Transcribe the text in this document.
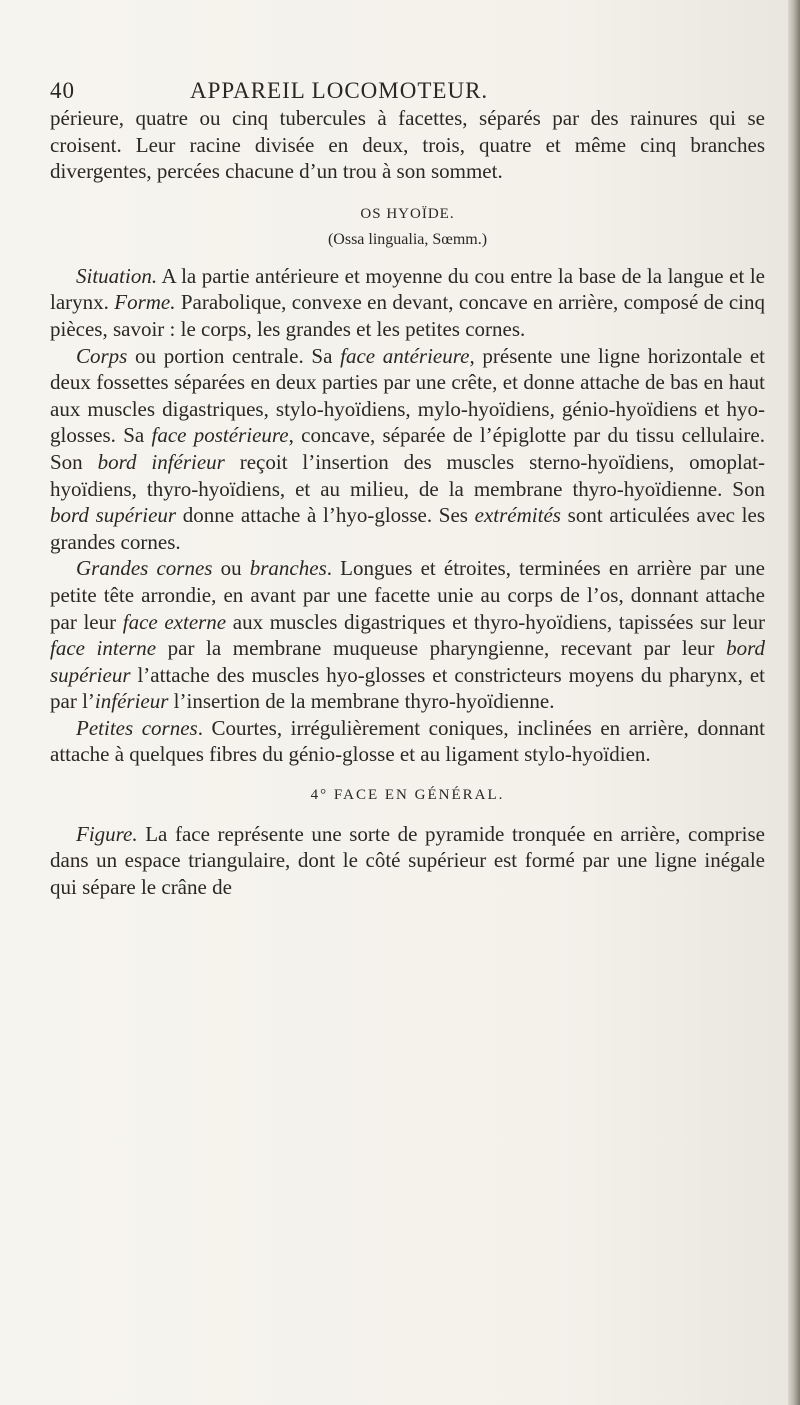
40	APPAREIL LOCOMOTEUR.

périeure, quatre ou cinq tubercules à facettes, séparés par des rainures qui se croisent. Leur racine divisée en deux, trois, quatre et même cinq branches divergentes, percées chacune d’un trou à son sommet.

OS HYOÏDE.
(Ossa lingualia, Sœmm.)

Situation. A la partie antérieure et moyenne du cou entre la base de la langue et le larynx. Forme. Parabolique, convexe en devant, concave en arrière, composé de cinq pièces, savoir : le corps, les grandes et les petites cornes.

Corps ou portion centrale. Sa face antérieure, présente une ligne horizontale et deux fossettes séparées en deux parties par une crête, et donne attache de bas en haut aux muscles digastriques, stylo-hyoïdiens, mylo-hyoïdiens, génio-hyoïdiens et hyo-glosses. Sa face postérieure, concave, séparée de l’épiglotte par du tissu cellulaire. Son bord inférieur reçoit l’insertion des muscles sterno-hyoïdiens, omoplat-hyoïdiens, thyro-hyoïdiens, et au milieu, de la membrane thyro-hyoïdienne. Son bord supérieur donne attache à l’hyo-glosse. Ses extrémités sont articulées avec les grandes cornes.

Grandes cornes ou branches. Longues et étroites, terminées en arrière par une petite tête arrondie, en avant par une facette unie au corps de l’os, donnant attache par leur face externe aux muscles digastriques et thyro-hyoïdiens, tapissées sur leur face interne par la membrane muqueuse pharyngienne, recevant par leur bord supérieur l’attache des muscles hyo-glosses et constricteurs moyens du pharynx, et par l’inférieur l’insertion de la membrane thyro-hyoïdienne.

Petites cornes. Courtes, irrégulièrement coniques, inclinées en arrière, donnant attache à quelques fibres du génio-glosse et au ligament stylo-hyoïdien.

4° FACE EN GÉNÉRAL.

Figure. La face représente une sorte de pyramide tronquée en arrière, comprise dans un espace triangulaire, dont le côté supérieur est formé par une ligne inégale qui sépare le crâne de
